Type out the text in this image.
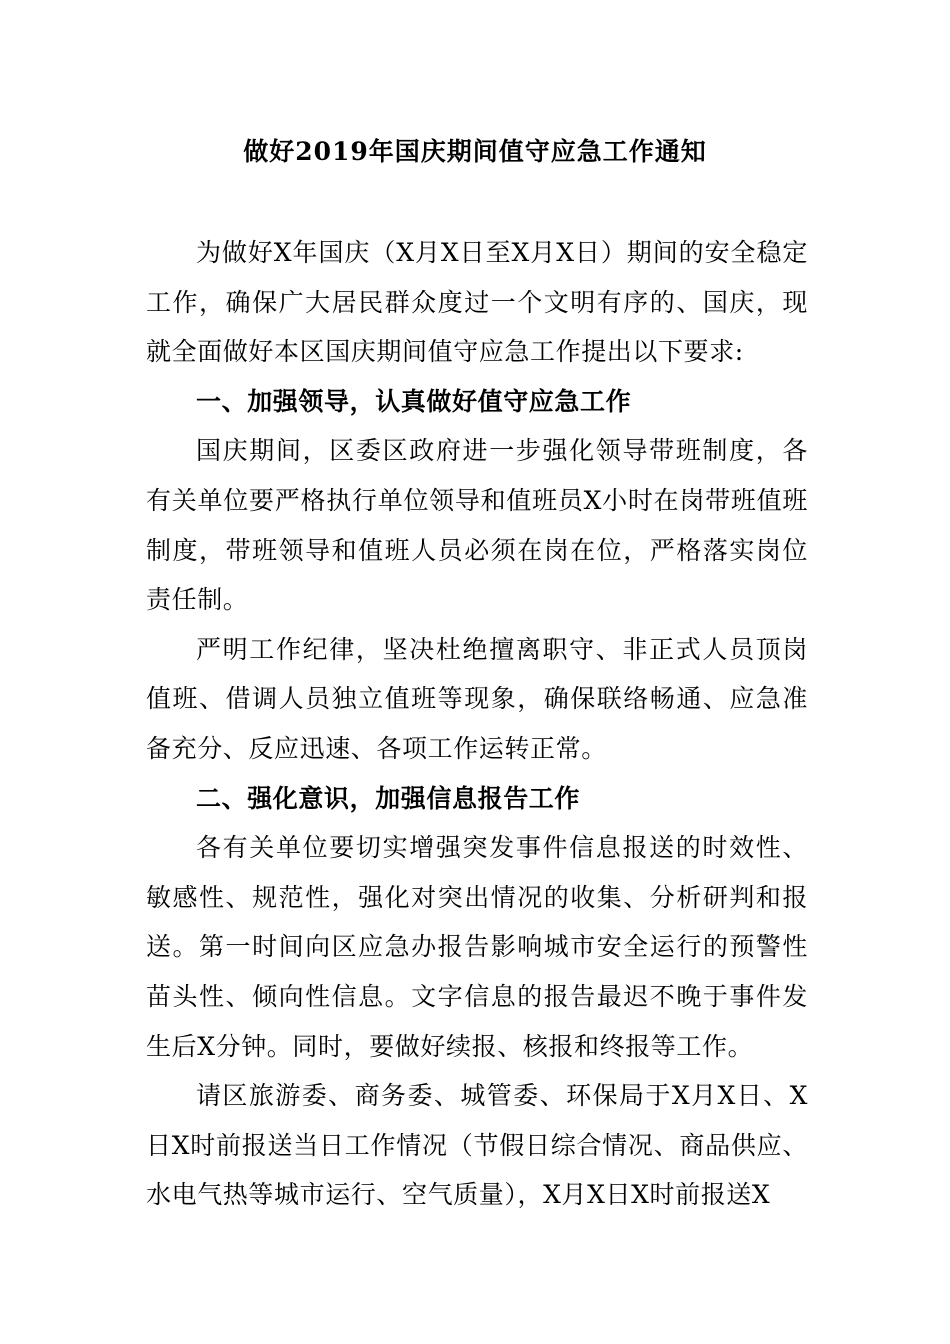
做好2019年国庆期间值守应急工作通知

为做好X年国庆（X月X日至X月X日）期间的安全稳定工作，确保广大居民群众度过一个文明有序的、国庆，现就全面做好本区国庆期间值守应急工作提出以下要求:

一、加强领导，认真做好值守应急工作

国庆期间，区委区政府进一步强化领导带班制度，各有关单位要严格执行单位领导和值班员X小时在岗带班值班制度，带班领导和值班人员必须在岗在位，严格落实岗位责任制。

严明工作纪律，坚决杜绝擅离职守、非正式人员顶岗值班、借调人员独立值班等现象，确保联络畅通、应急准备充分、反应迅速、各项工作运转正常。

二、强化意识，加强信息报告工作

各有关单位要切实增强突发事件信息报送的时效性、敏感性、规范性，强化对突出情况的收集、分析研判和报送。第一时间向区应急办报告影响城市安全运行的预警性苗头性、倾向性信息。文字信息的报告最迟不晚于事件发生后X分钟。同时，要做好续报、核报和终报等工作。

请区旅游委、商务委、城管委、环保局于X月X日、X日X时前报送当日工作情况（节假日综合情况、商品供应、水电气热等城市运行、空气质量），X月X日X时前报送X
